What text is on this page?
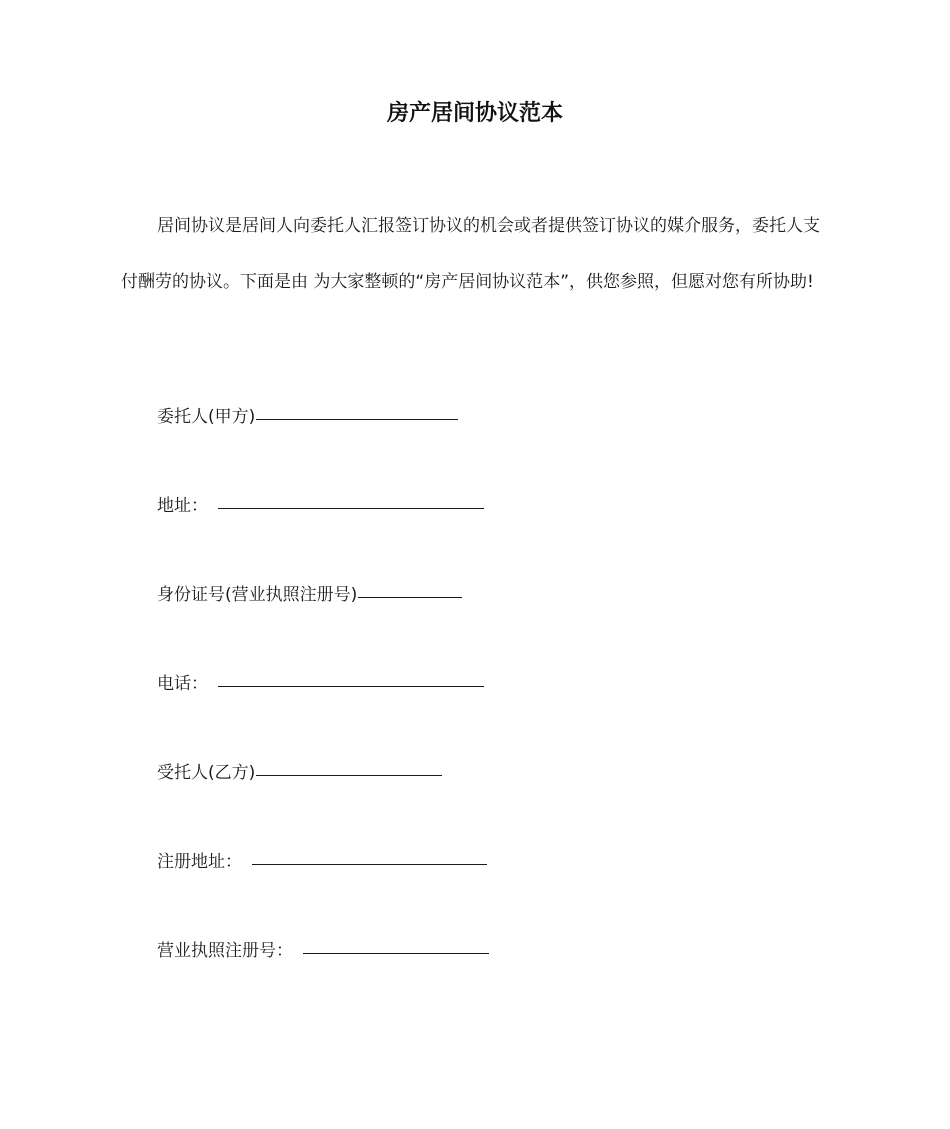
房产居间协议范本

居间协议是居间人向委托人汇报签订协议的机会或者提供签订协议的媒介服务，委托人支付酬劳的协议。下面是由 为大家整顿的“房产居间协议范本”，供您参照，但愿对您有所协助!

委托人(甲方)
地址：
身份证号(营业执照注册号)
电话：
受托人(乙方)
注册地址：
营业执照注册号：
